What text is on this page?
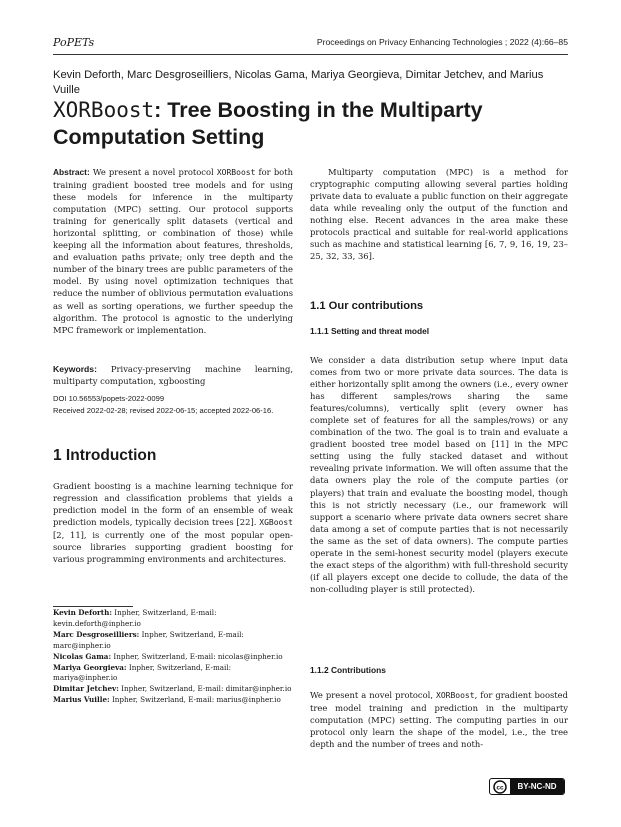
PoPETs	Proceedings on Privacy Enhancing Technologies ; 2022 (4):66–85
Kevin Deforth, Marc Desgroseilliers, Nicolas Gama, Mariya Georgieva, Dimitar Jetchev, and Marius Vuille
XORBoost: Tree Boosting in the Multiparty Computation Setting
Abstract: We present a novel protocol XORBoost for both training gradient boosted tree models and for using these models for inference in the multiparty computation (MPC) setting. Our protocol supports training for generically split datasets (vertical and horizontal splitting, or combination of those) while keeping all the information about features, thresholds, and evaluation paths private; only tree depth and the number of the binary trees are public parameters of the model. By using novel optimization techniques that reduce the number of oblivious permutation evaluations as well as sorting operations, we further speedup the algorithm. The protocol is agnostic to the underlying MPC framework or implementation.
Keywords: Privacy-preserving machine learning, multiparty computation, xgboosting
DOI 10.56553/popets-2022-0099
Received 2022-02-28; revised 2022-06-15; accepted 2022-06-16.
1 Introduction
Gradient boosting is a machine learning technique for regression and classification problems that yields a prediction model in the form of an ensemble of weak prediction models, typically decision trees [22]. XGBoost [2, 11], is currently one of the most popular open-source libraries supporting gradient boosting for various programming environments and architectures.
Kevin Deforth: Inpher, Switzerland, E-mail: kevin.deforth@inpher.io
Marc Desgroseilliers: Inpher, Switzerland, E-mail: marc@inpher.io
Nicolas Gama: Inpher, Switzerland, E-mail: nicolas@inpher.io
Mariya Georgieva: Inpher, Switzerland, E-mail: mariya@inpher.io
Dimitar Jetchev: Inpher, Switzerland, E-mail: dimitar@inpher.io
Marius Vuille: Inpher, Switzerland, E-mail: marius@inpher.io
Multiparty computation (MPC) is a method for cryptographic computing allowing several parties holding private data to evaluate a public function on their aggregate data while revealing only the output of the function and nothing else. Recent advances in the area make these protocols practical and suitable for real-world applications such as machine and statistical learning [6, 7, 9, 16, 19, 23–25, 32, 33, 36].
1.1 Our contributions
1.1.1 Setting and threat model
We consider a data distribution setup where input data comes from two or more private data sources. The data is either horizontally split among the owners (i.e., every owner has different samples/rows sharing the same features/columns), vertically split (every owner has complete set of features for all the samples/rows) or any combination of the two. The goal is to train and evaluate a gradient boosted tree model based on [11] in the MPC setting using the fully stacked dataset and without revealing private information. We will often assume that the data owners play the role of the compute parties (or players) that train and evaluate the boosting model, though this is not strictly necessary (i.e., our framework will support a scenario where private data owners secret share data among a set of compute parties that is not necessarily the same as the set of data owners). The compute parties operate in the semi-honest security model (players execute the exact steps of the algorithm) with full-threshold security (if all players except one decide to collude, the data of the non-colluding player is still protected).
1.1.2 Contributions
We present a novel protocol, XORBoost, for gradient boosted tree model training and prediction in the multiparty computation (MPC) setting. The computing parties in our protocol only learn the shape of the model, i.e., the tree depth and the number of trees and noth-
cc	BY-NC-ND
